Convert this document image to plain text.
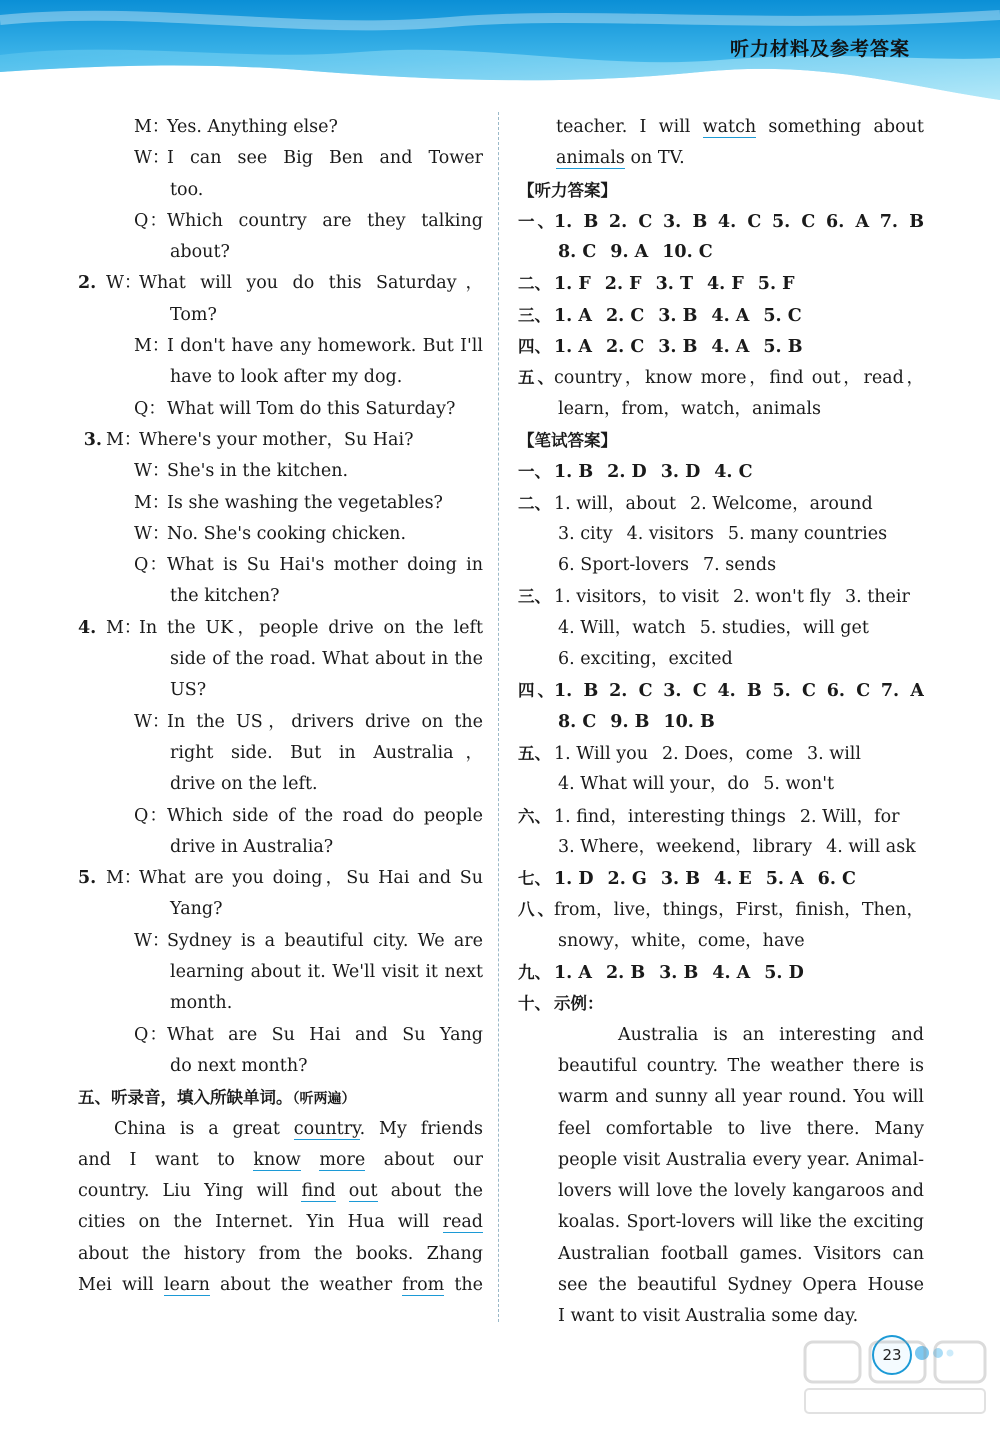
听力材料及参考答案
M：Yes. Anything else?
W：I can see Big Ben and Tower
too.
Q：Which country are they talking
about?
2. W：What will you do this Saturday，
Tom?
M：I don't have any homework. But I'll
have to look after my dog.
Q：What will Tom do this Saturday?
3. M：Where's your mother，Su Hai?
W：She's in the kitchen.
M：Is she washing the vegetables?
W：No. She's cooking chicken.
Q：What is Su Hai's mother doing in
the kitchen?
4. M：In the UK，people drive on the left
side of the road. What about in the
US?
W：In the US，drivers drive on the
right side. But in Australia，
drive on the left.
Q：Which side of the road do people
drive in Australia?
5. M：What are you doing，Su Hai and Su
Yang?
W：Sydney is a beautiful city. We are
learning about it. We'll visit it next
month.
Q：What are Su Hai and Su Yang
do next month?
五、听录音，填入所缺单词。（听两遍）
China is a great country. My friends
and I want to know more about our
country. Liu Ying will find out about the
cities on the Internet. Yin Hua will read
about the history from the books. Zhang
Mei will learn about the weather from the
teacher. I will watch something about
animals on TV.
【听力答案】
一、1. B 2. C 3. B 4. C 5. C 6. A 7. B
8. C 9. A 10. C
二、 1. F 2. F 3. T 4. F 5. F
三、 1. A 2. C 3. B 4. A 5. C
四、 1. A 2. C 3. B 4. A 5. B
五、country，know more，find out，read，
learn，from，watch，animals
【笔试答案】
一、 1. B 2. D 3. D 4. C
二、 1. will，about 2. Welcome，around
3. city 4. visitors 5. many countries
6. Sport-lovers 7. sends
三、 1. visitors，to visit 2. won't fly 3. their
4. Will，watch 5. studies，will get
6. exciting，excited
四、1. B 2. C 3. C 4. B 5. C 6. C 7. A
8. C 9. B 10. B
五、 1. Will you 2. Does，come 3. will
4. What will your，do 5. won't
六、 1. find，interesting things 2. Will，for
3. Where，weekend，library 4. will ask
七、 1. D 2. G 3. B 4. E 5. A 6. C
八、from，live，things，First，finish，Then，
snowy，white，come，have
九、 1. A 2. B 3. B 4. A 5. D
十、 示例：
Australia is an interesting and
beautiful country. The weather there is
warm and sunny all year round. You will
feel comfortable to live there. Many
people visit Australia every year. Animal-
lovers will love the lovely kangaroos and
koalas. Sport-lovers will like the exciting
Australian football games. Visitors can
see the beautiful Sydney Opera House
I want to visit Australia some day.
23
